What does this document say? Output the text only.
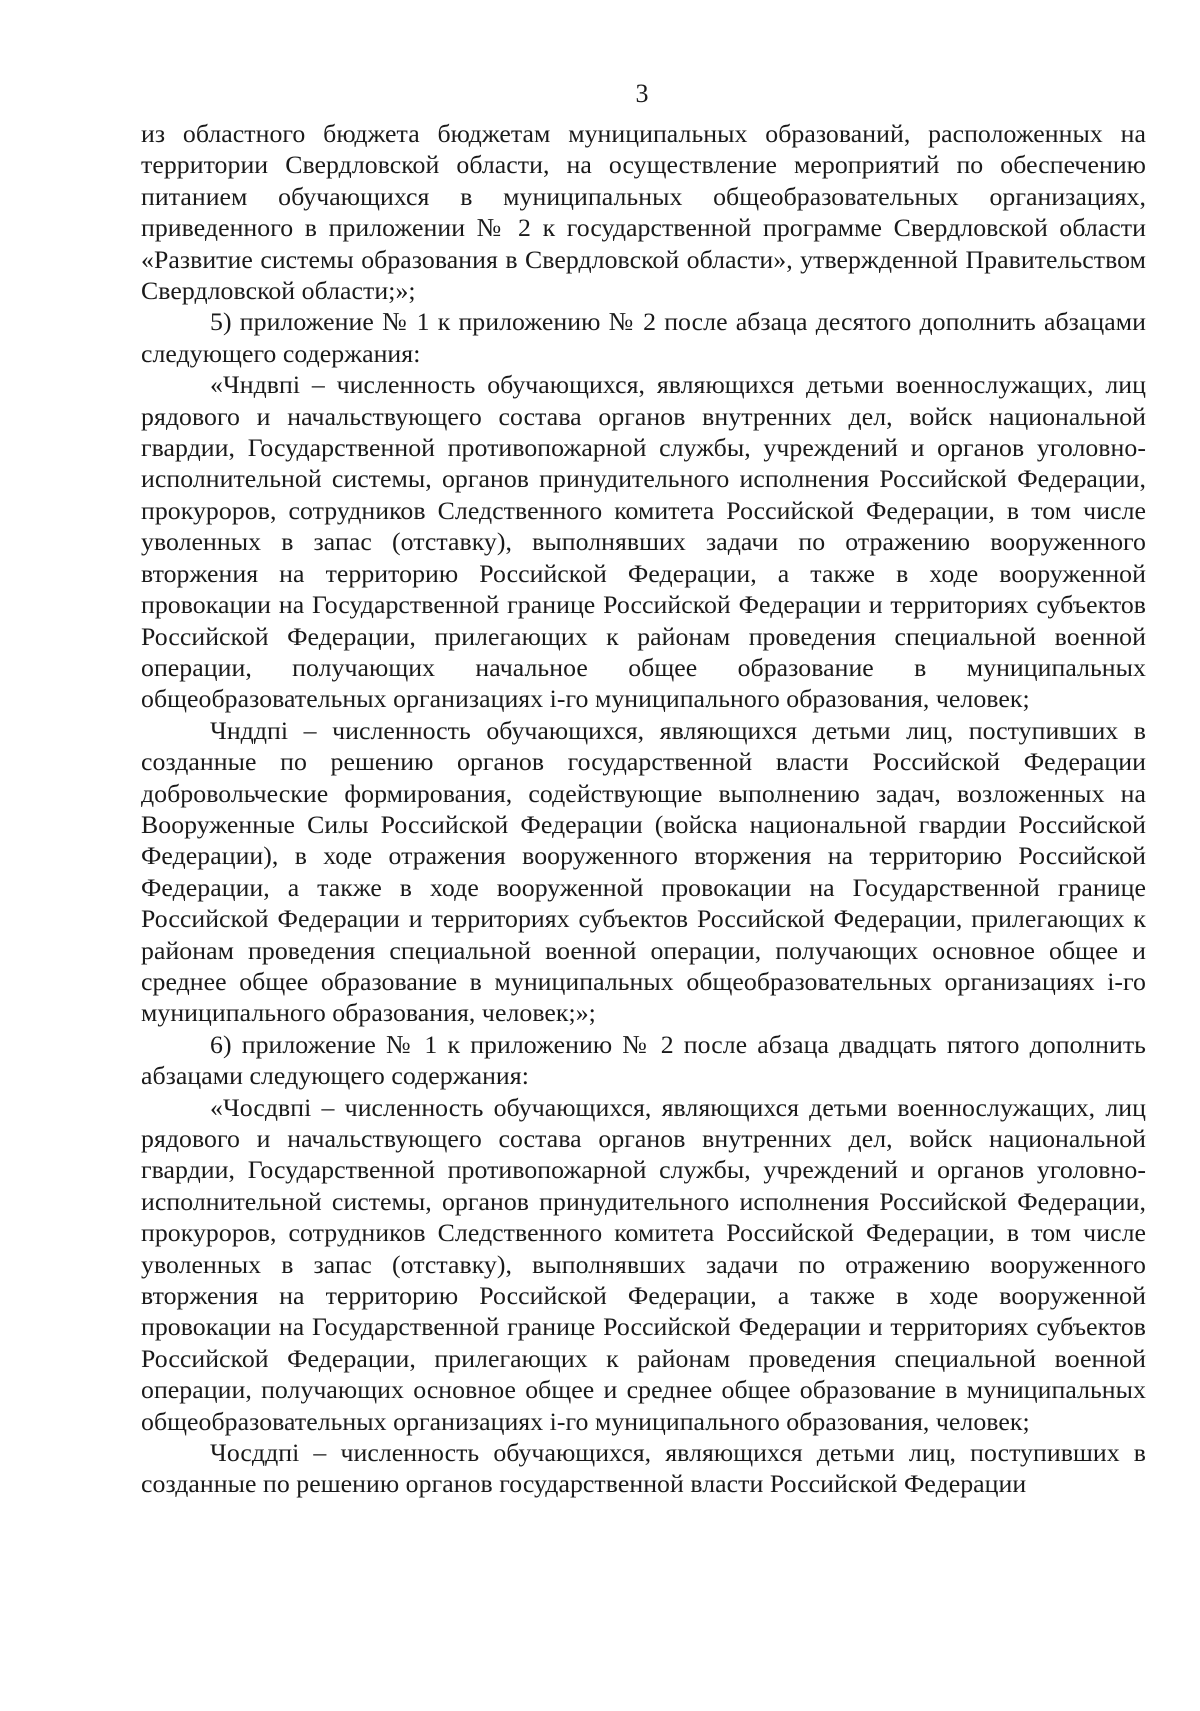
3

из областного бюджета бюджетам муниципальных образований, расположенных на территории Свердловской области, на осуществление мероприятий по обеспечению питанием обучающихся в муниципальных общеобразовательных организациях, приведенного в приложении № 2 к государственной программе Свердловской области «Развитие системы образования в Свердловской области», утвержденной Правительством Свердловской области;»;

5) приложение № 1 к приложению № 2 после абзаца десятого дополнить абзацами следующего содержания:

«Чндвпi – численность обучающихся, являющихся детьми военнослужащих, лиц рядового и начальствующего состава органов внутренних дел, войск национальной гвардии, Государственной противопожарной службы, учреждений и органов уголовно-исполнительной системы, органов принудительного исполнения Российской Федерации, прокуроров, сотрудников Следственного комитета Российской Федерации, в том числе уволенных в запас (отставку), выполнявших задачи по отражению вооруженного вторжения на территорию Российской Федерации, а также в ходе вооруженной провокации на Государственной границе Российской Федерации и территориях субъектов Российской Федерации, прилегающих к районам проведения специальной военной операции, получающих начальное общее образование в муниципальных общеобразовательных организациях i-го муниципального образования, человек;

Чнддпi – численность обучающихся, являющихся детьми лиц, поступивших в созданные по решению органов государственной власти Российской Федерации добровольческие формирования, содействующие выполнению задач, возложенных на Вооруженные Силы Российской Федерации (войска национальной гвардии Российской Федерации), в ходе отражения вооруженного вторжения на территорию Российской Федерации, а также в ходе вооруженной провокации на Государственной границе Российской Федерации и территориях субъектов Российской Федерации, прилегающих к районам проведения специальной военной операции, получающих основное общее и среднее общее образование в муниципальных общеобразовательных организациях i-го муниципального образования, человек;»;

6) приложение № 1 к приложению № 2 после абзаца двадцать пятого дополнить абзацами следующего содержания:

«Чосдвпi – численность обучающихся, являющихся детьми военнослужащих, лиц рядового и начальствующего состава органов внутренних дел, войск национальной гвардии, Государственной противопожарной службы, учреждений и органов уголовно-исполнительной системы, органов принудительного исполнения Российской Федерации, прокуроров, сотрудников Следственного комитета Российской Федерации, в том числе уволенных в запас (отставку), выполнявших задачи по отражению вооруженного вторжения на территорию Российской Федерации, а также в ходе вооруженной провокации на Государственной границе Российской Федерации и территориях субъектов Российской Федерации, прилегающих к районам проведения специальной военной операции, получающих основное общее и среднее общее образование в муниципальных общеобразовательных организациях i-го муниципального образования, человек;

Чосддпi – численность обучающихся, являющихся детьми лиц, поступивших в созданные по решению органов государственной власти Российской Федерации
